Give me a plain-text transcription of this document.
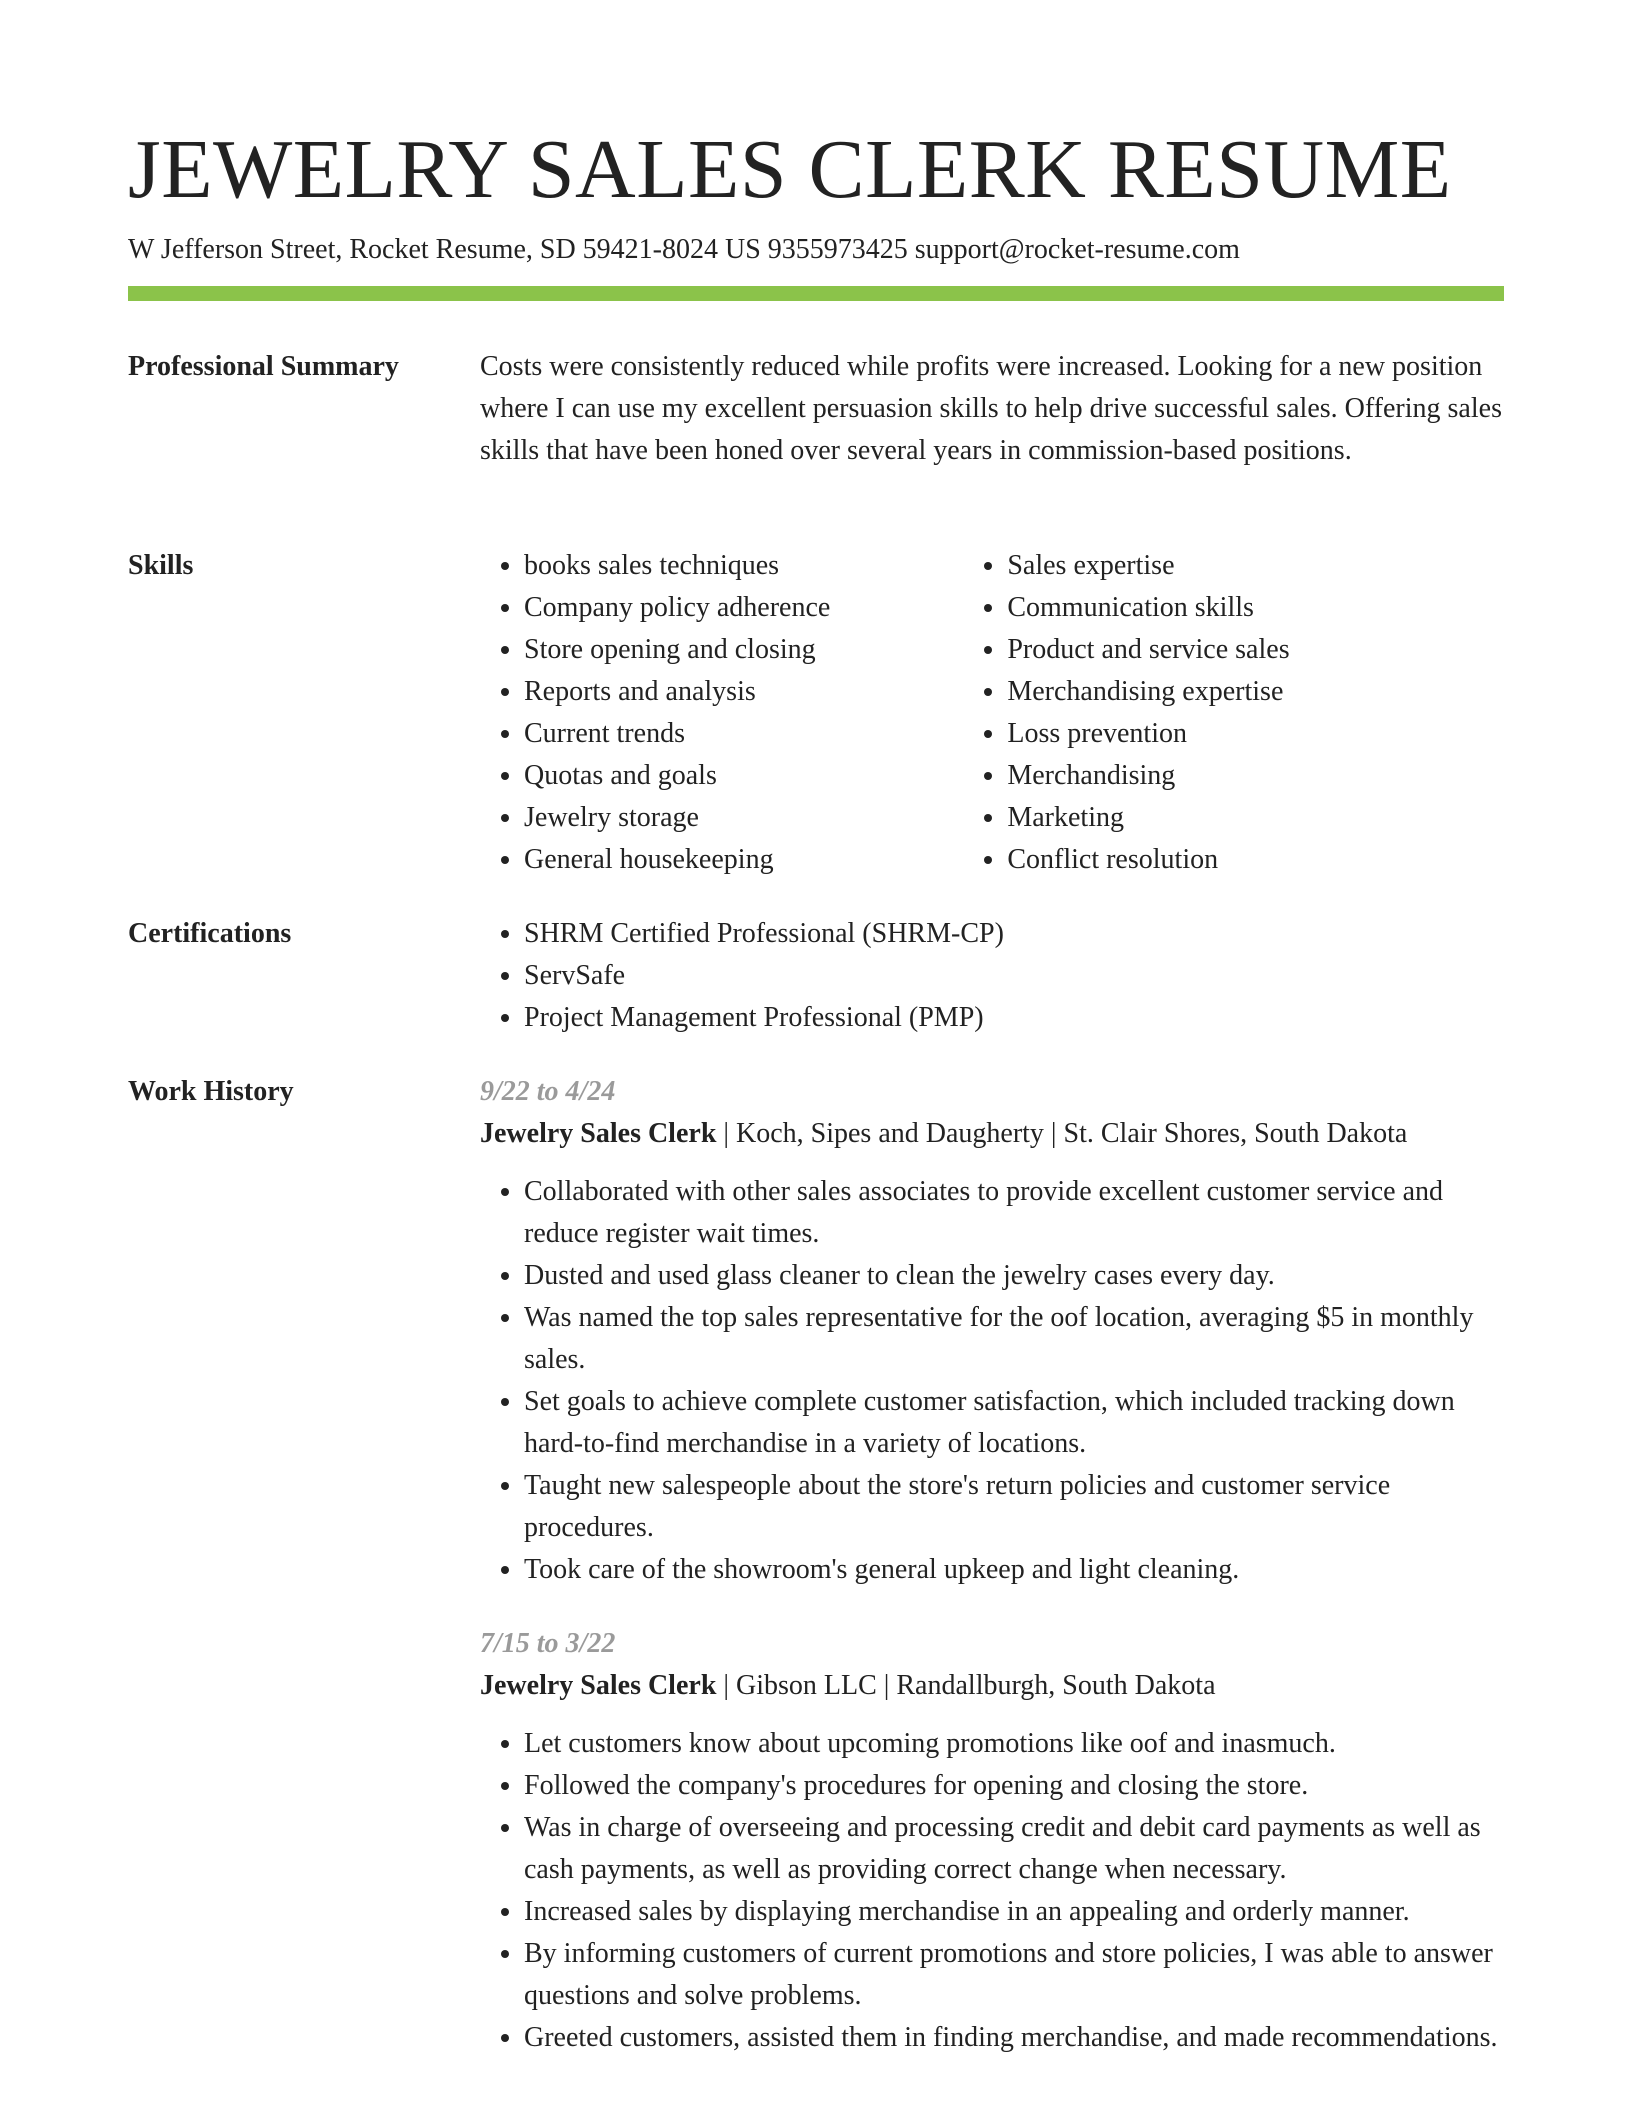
JEWELRY SALES CLERK RESUME
W Jefferson Street, Rocket Resume, SD 59421-8024 US 9355973425 support@rocket-resume.com
Professional Summary	Costs were consistently reduced while profits were increased. Looking for a new position where I can use my excellent persuasion skills to help drive successful sales. Offering sales skills that have been honed over several years in commission-based positions.

Skills	• books sales techniques
• Company policy adherence
• Store opening and closing
• Reports and analysis
• Current trends
• Quotas and goals
• Jewelry storage
• General housekeeping
• Sales expertise
• Communication skills
• Product and service sales
• Merchandising expertise
• Loss prevention
• Merchandising
• Marketing
• Conflict resolution
Certifications	• SHRM Certified Professional (SHRM-CP)
• ServSafe
• Project Management Professional (PMP)
Work History	9/22 to 4/24
Jewelry Sales Clerk | Koch, Sipes and Daugherty | St. Clair Shores, South Dakota
• Collaborated with other sales associates to provide excellent customer service and reduce register wait times.
• Dusted and used glass cleaner to clean the jewelry cases every day.
• Was named the top sales representative for the oof location, averaging $5 in monthly sales.
• Set goals to achieve complete customer satisfaction, which included tracking down hard-to-find merchandise in a variety of locations.
• Taught new salespeople about the store's return policies and customer service procedures.
• Took care of the showroom's general upkeep and light cleaning.
7/15 to 3/22
Jewelry Sales Clerk | Gibson LLC | Randallburgh, South Dakota
• Let customers know about upcoming promotions like oof and inasmuch.
• Followed the company's procedures for opening and closing the store.
• Was in charge of overseeing and processing credit and debit card payments as well as cash payments, as well as providing correct change when necessary.
• Increased sales by displaying merchandise in an appealing and orderly manner.
• By informing customers of current promotions and store policies, I was able to answer questions and solve problems.
• Greeted customers, assisted them in finding merchandise, and made recommendations.
